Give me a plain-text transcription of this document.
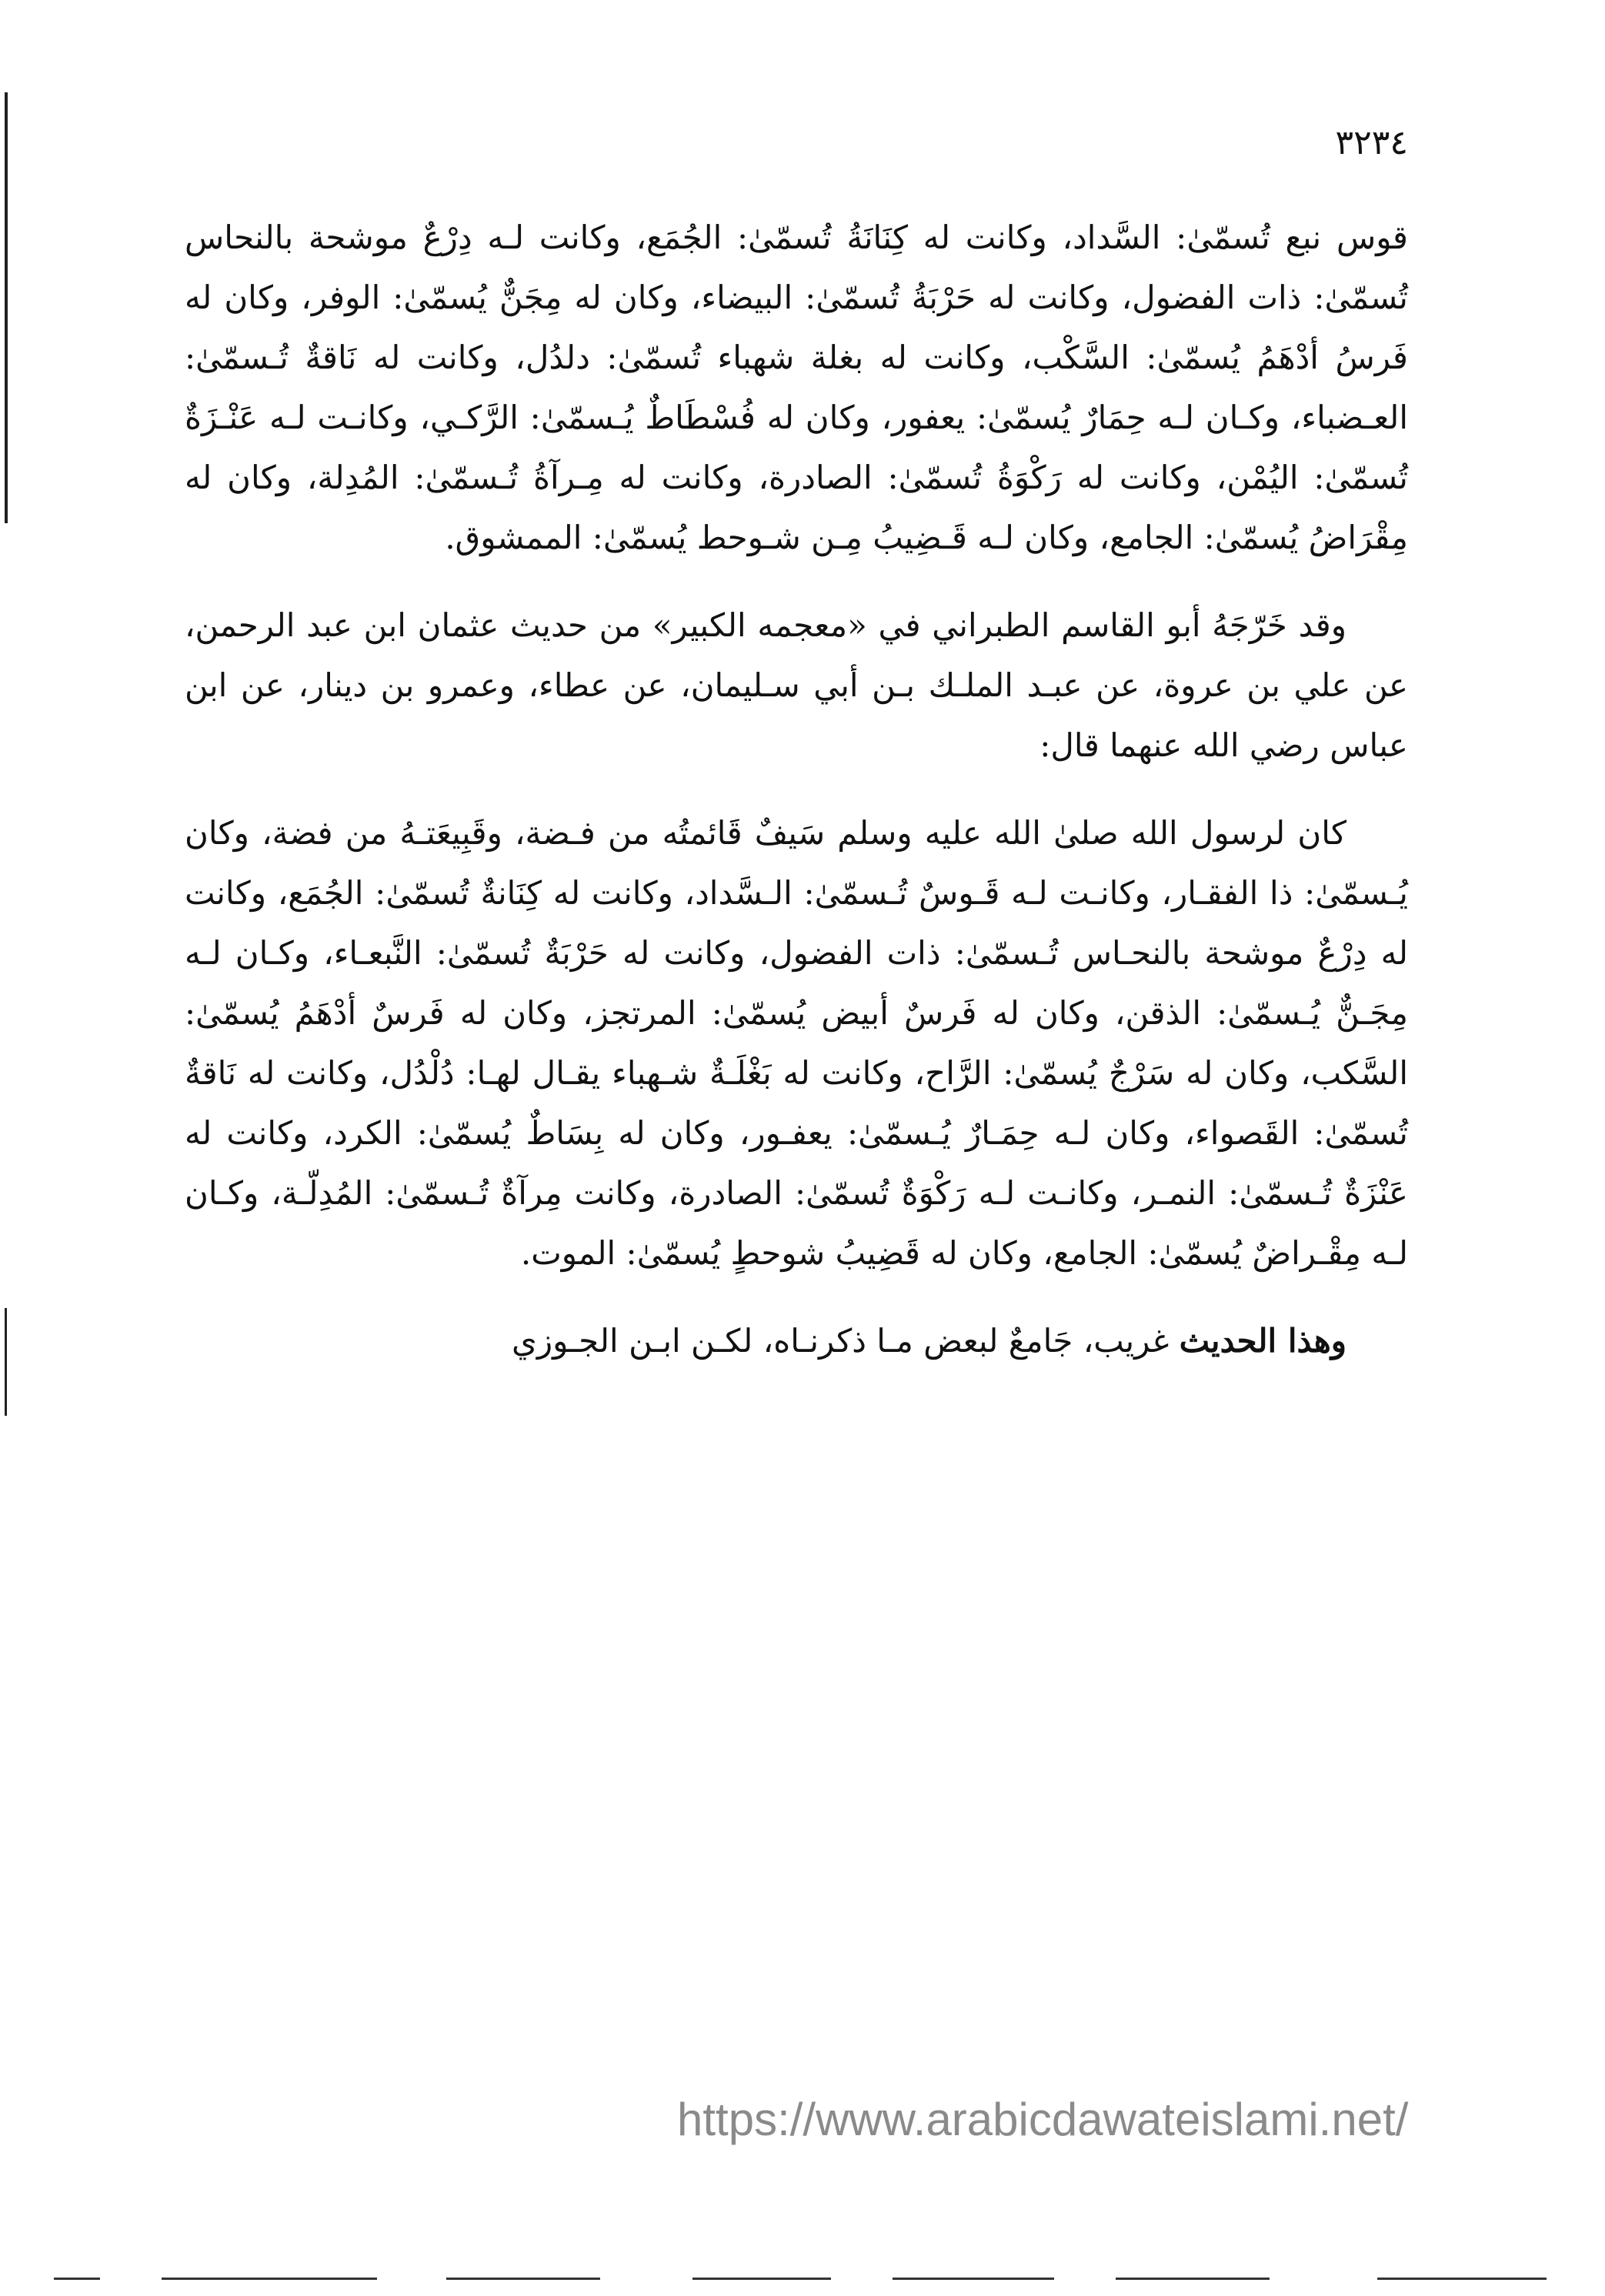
٣٢٣٤

قوس نبع تُسمّىٰ: السَّداد، وكانت له كِنَانَةُ تُسمّىٰ: الجُمَع، وكانت لـه دِرْعٌ موشحة بالنحاس تُسمّىٰ: ذات الفضول، وكانت له حَرْبَةُ تُسمّىٰ: البيضاء، وكان له مِجَنٌّ يُسمّىٰ: الوفر، وكان له فَرسُ أدْهَمُ يُسمّىٰ: السَّكْب، وكانت له بغلة شهباء تُسمّىٰ: دلدُل، وكانت له نَاقةٌ تُـسمّىٰ: العـضباء، وكـان لـه حِمَارٌ يُسمّىٰ: يعفور، وكان له فُسْطَاطٌ يُـسمّىٰ: الرَّكـي، وكانـت لـه عَنْـزَةٌ تُسمّىٰ: اليُمْن، وكانت له رَكْوَةُ تُسمّىٰ: الصادرة، وكانت له مِـرآةُ تُـسمّىٰ: المُدِلة، وكان له مِقْرَاضُ يُسمّىٰ: الجامع، وكان لـه قَـضِيبُ مِـن شـوحط يُسمّىٰ: الممشوق.

وقد خَرّجَهُ أبو القاسم الطبراني في «معجمه الكبير» من حديث عثمان ابن عبد الرحمن، عن علي بن عروة، عن عبـد الملـك بـن أبي سـليمان، عن عطاء، وعمرو بن دينار، عن ابن عباس رضي الله عنهما قال:

كان لرسول الله صلىٰ الله عليه وسلم سَيفٌ قَائمتُه من فـضة، وقَبِيعَتـهُ من فضة، وكان يُـسمّىٰ: ذا الفقـار، وكانـت لـه قَـوسٌ تُـسمّىٰ: الـسَّداد، وكانت له كِنَانةٌ تُسمّىٰ: الجُمَع، وكانت له دِرْعٌ موشحة بالنحـاس تُـسمّىٰ: ذات الفضول، وكانت له حَرْبَةٌ تُسمّىٰ: النَّبعـاء، وكـان لـه مِجَـنٌّ يُـسمّىٰ: الذقن، وكان له فَرسٌ أبيض يُسمّىٰ: المرتجز، وكان له فَرسٌ أدْهَمُ يُسمّىٰ: السَّكب، وكان له سَرْجٌ يُسمّىٰ: الرَّاح، وكانت له بَغْلَـةٌ شـهباء يقـال لهـا: دُلْدُل، وكانت له نَاقةٌ تُسمّىٰ: القَصواء، وكان لـه حِمَـارٌ يُـسمّىٰ: يعفـور، وكان له بِسَاطٌ يُسمّىٰ: الكرد، وكانت له عَنْزَةٌ تُـسمّىٰ: النمـر، وكانـت لـه رَكْوَةٌ تُسمّىٰ: الصادرة، وكانت مِرآةٌ تُـسمّىٰ: المُدِلّـة، وكـان لـه مِقْـراضٌ يُسمّىٰ: الجامع، وكان له قَضِيبُ شوحطٍ يُسمّىٰ: الموت.

وهذا الحديث غريب، جَامعٌ لبعض مـا ذكرنـاه، لكـن ابـن الجـوزي

https://www.arabicdawateislami.net/
